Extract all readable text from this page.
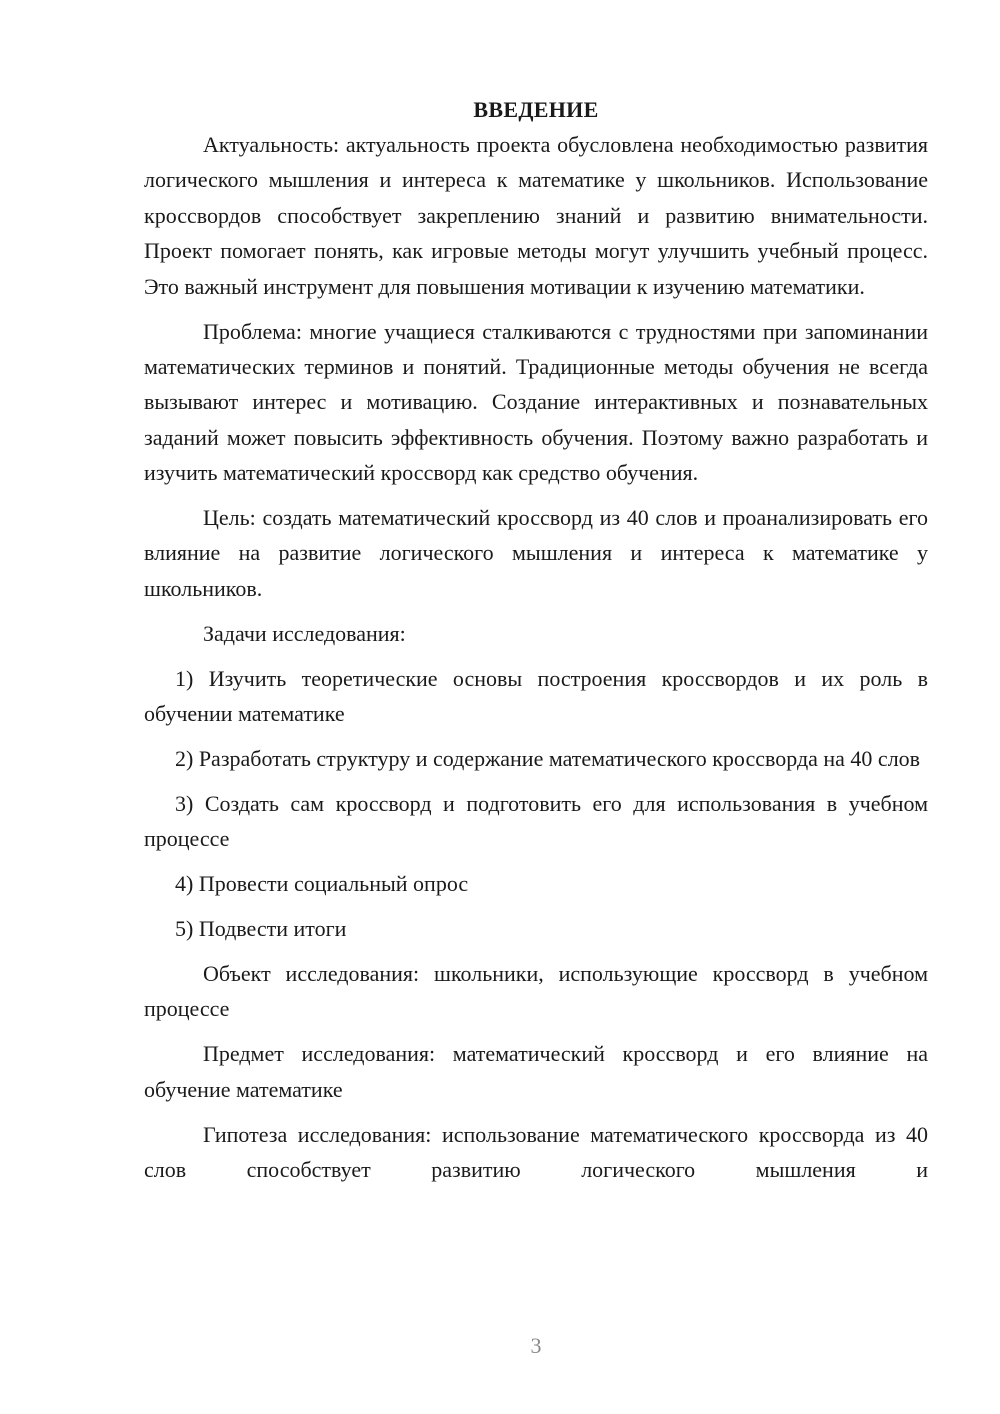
ВВЕДЕНИЕ

Актуальность: актуальность проекта обусловлена необходимостью развития логического мышления и интереса к математике у школьников. Использование кроссвордов способствует закреплению знаний и развитию внимательности. Проект помогает понять, как игровые методы могут улучшить учебный процесс. Это важный инструмент для повышения мотивации к изучению математики.

Проблема: многие учащиеся сталкиваются с трудностями при запоминании математических терминов и понятий. Традиционные методы обучения не всегда вызывают интерес и мотивацию. Создание интерактивных и познавательных заданий может повысить эффективность обучения. Поэтому важно разработать и изучить математический кроссворд как средство обучения.

Цель: создать математический кроссворд из 40 слов и проанализировать его влияние на развитие логического мышления и интереса к математике у школьников.

Задачи исследования:

1) Изучить теоретические основы построения кроссвордов и их роль в обучении математике

2) Разработать структуру и содержание математического кроссворда на 40 слов

3) Создать сам кроссворд и подготовить его для использования в учебном процессе

4) Провести социальный опрос

5) Подвести итоги

Объект исследования: школьники, использующие кроссворд в учебном процессе

Предмет исследования: математический кроссворд и его влияние на обучение математике

Гипотеза исследования: использование математического кроссворда из 40 слов способствует развитию логического мышления и

3
